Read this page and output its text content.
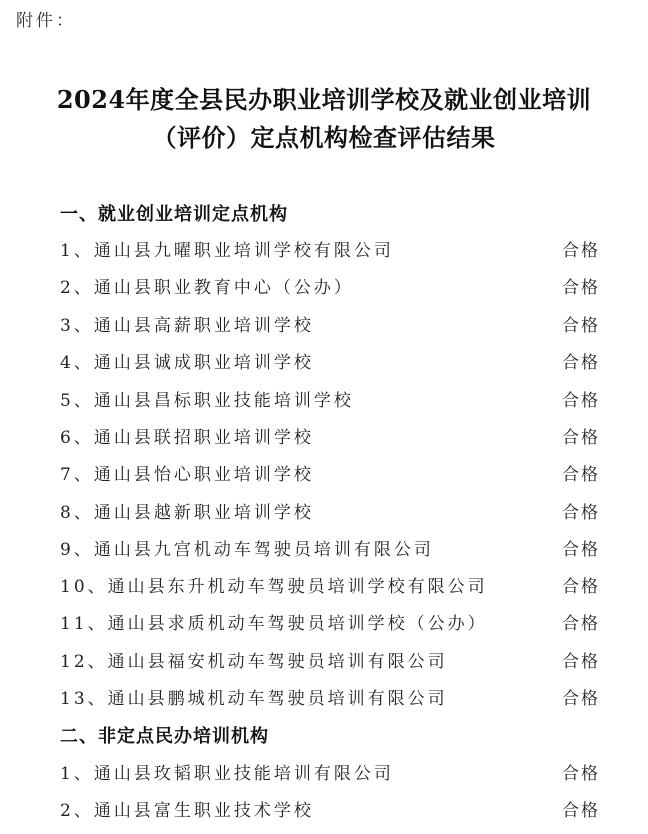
附件：
2024年度全县民办职业培训学校及就业创业培训
（评价）定点机构检查评估结果
一、就业创业培训定点机构
1、通山县九曜职业培训学校有限公司	合格
2、通山县职业教育中心（公办）	合格
3、通山县高薪职业培训学校	合格
4、通山县诚成职业培训学校	合格
5、通山县昌标职业技能培训学校	合格
6、通山县联招职业培训学校	合格
7、通山县怡心职业培训学校	合格
8、通山县越新职业培训学校	合格
9、通山县九宫机动车驾驶员培训有限公司	合格
10、通山县东升机动车驾驶员培训学校有限公司	合格
11、通山县求质机动车驾驶员培训学校（公办）	合格
12、通山县福安机动车驾驶员培训有限公司	合格
13、通山县鹏城机动车驾驶员培训有限公司	合格
二、非定点民办培训机构
1、通山县玫韬职业技能培训有限公司	合格
2、通山县富生职业技术学校	合格
